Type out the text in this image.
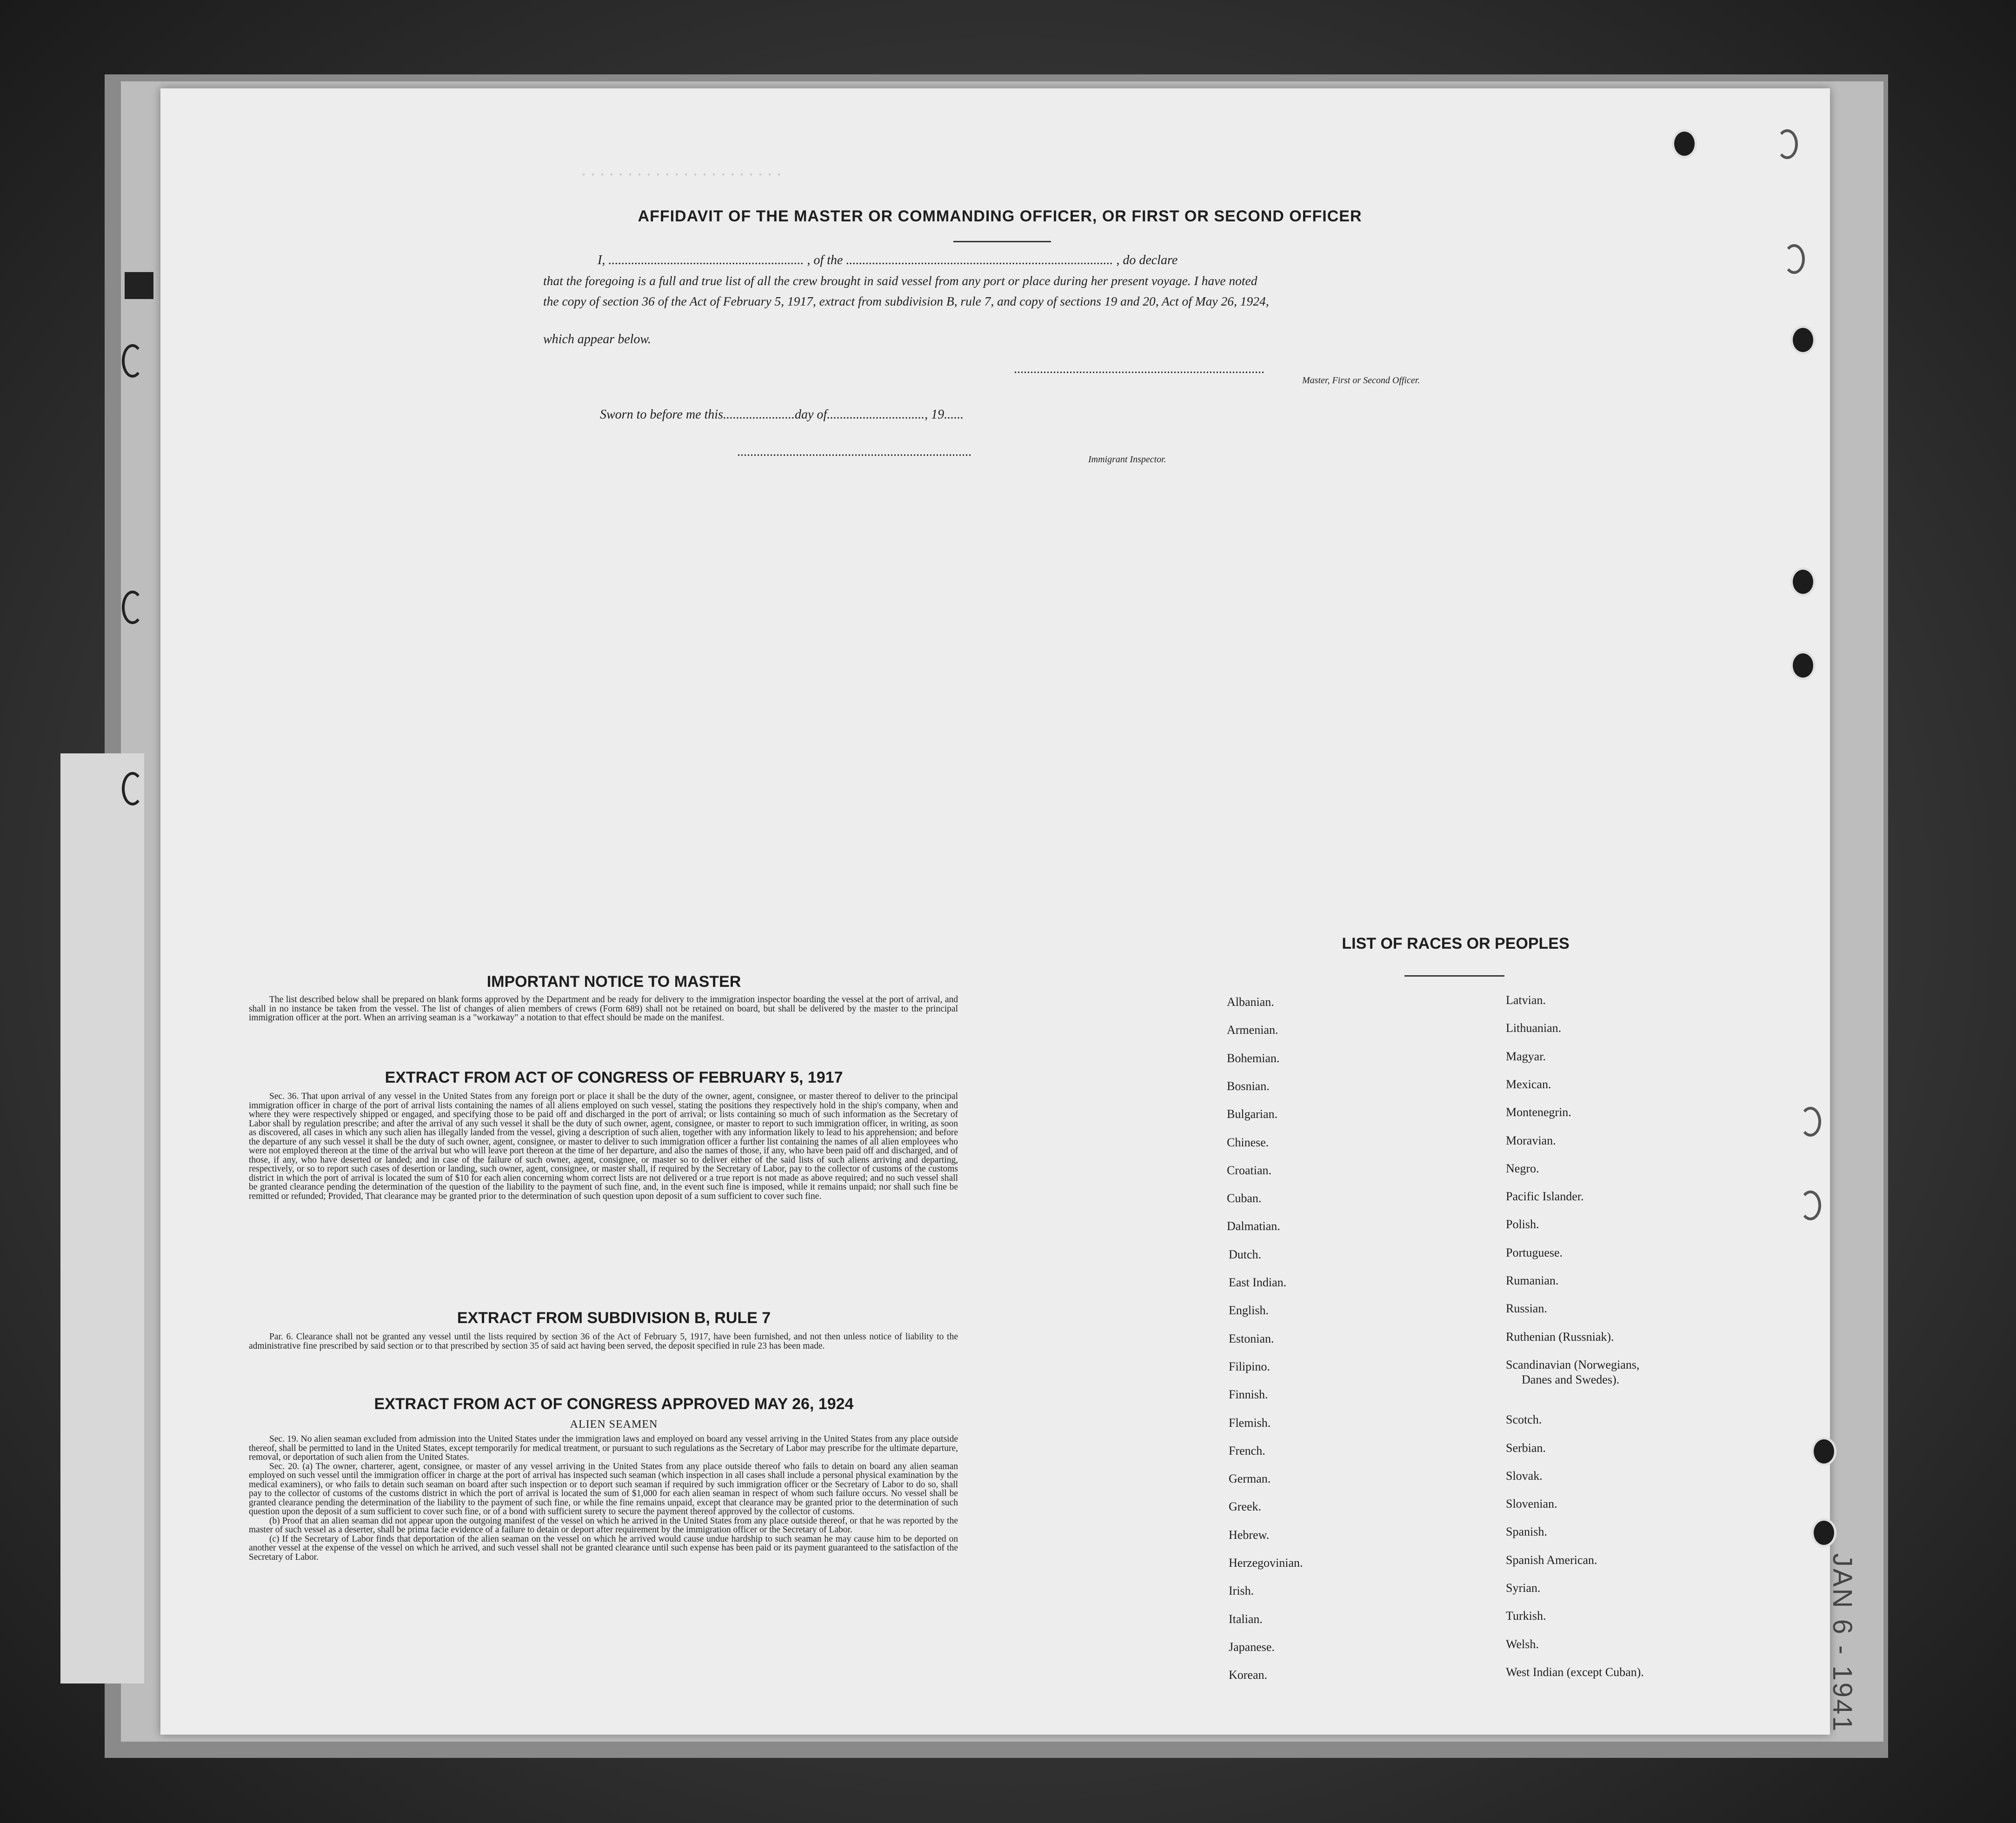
AFFIDAVIT OF THE MASTER OR COMMANDING OFFICER, OR FIRST OR SECOND OFFICER
I, ............................................................ , of the .................................................................................. , do declare
that the foregoing is a full and true list of all the crew brought in said vessel from any port or place during her present voyage. I have noted
the copy of section 36 of the Act of February 5, 1917, extract from subdivision B, rule 7, and copy of sections 19 and 20, Act of May 26, 1924,
which appear below.
.............................................................................
Master, First or Second Officer.
Sworn to before me this......................day of.............................., 19......
........................................................................
Immigrant Inspector.
. . . . . . . . . . . . . . . . . . . . . .
IMPORTANT NOTICE TO MASTER

The list described below shall be prepared on blank forms approved by the Department and be ready for delivery to the immigration inspector boarding the vessel at the port of arrival, and shall in no instance be taken from the vessel. The list of changes of alien members of crews (Form 689) shall not be retained on board, but shall be delivered by the master to the principal immigration officer at the port. When an arriving seaman is a "workaway" a notation to that effect should be made on the manifest.

EXTRACT FROM ACT OF CONGRESS OF FEBRUARY 5, 1917

Sec. 36. That upon arrival of any vessel in the United States from any foreign port or place it shall be the duty of the owner, agent, consignee, or master thereof to deliver to the principal immigration officer in charge of the port of arrival lists containing the names of all aliens employed on such vessel, stating the positions they respectively hold in the ship's company, when and where they were respectively shipped or engaged, and specifying those to be paid off and discharged in the port of arrival; or lists containing so much of such information as the Secretary of Labor shall by regulation prescribe; and after the arrival of any such vessel it shall be the duty of such owner, agent, consignee, or master to report to such immigration officer, in writing, as soon as discovered, all cases in which any such alien has illegally landed from the vessel, giving a description of such alien, together with any information likely to lead to his apprehension; and before the departure of any such vessel it shall be the duty of such owner, agent, consignee, or master to deliver to such immigration officer a further list containing the names of all alien employees who were not employed thereon at the time of the arrival but who will leave port thereon at the time of her departure, and also the names of those, if any, who have been paid off and discharged, and of those, if any, who have deserted or landed; and in case of the failure of such owner, agent, consignee, or master so to deliver either of the said lists of such aliens arriving and departing, respectively, or so to report such cases of desertion or landing, such owner, agent, consignee, or master shall, if required by the Secretary of Labor, pay to the collector of customs of the customs district in which the port of arrival is located the sum of $10 for each alien concerning whom correct lists are not delivered or a true report is not made as above required; and no such vessel shall be granted clearance pending the determination of the question of the liability to the payment of such fine, and, in the event such fine is imposed, while it remains unpaid; nor shall such fine be remitted or refunded; Provided, That clearance may be granted prior to the determination of such question upon deposit of a sum sufficient to cover such fine.

EXTRACT FROM SUBDIVISION B, RULE 7

Par. 6. Clearance shall not be granted any vessel until the lists required by section 36 of the Act of February 5, 1917, have been furnished, and not then unless notice of liability to the administrative fine prescribed by said section or to that prescribed by section 35 of said act having been served, the deposit specified in rule 23 has been made.

EXTRACT FROM ACT OF CONGRESS APPROVED MAY 26, 1924
ALIEN SEAMEN

Sec. 19. No alien seaman excluded from admission into the United States under the immigration laws and employed on board any vessel arriving in the United States from any place outside thereof, shall be permitted to land in the United States, except temporarily for medical treatment, or pursuant to such regulations as the Secretary of Labor may prescribe for the ultimate departure, removal, or deportation of such alien from the United States.

Sec. 20. (a) The owner, charterer, agent, consignee, or master of any vessel arriving in the United States from any place outside thereof who fails to detain on board any alien seaman employed on such vessel until the immigration officer in charge at the port of arrival has inspected such seaman (which inspection in all cases shall include a personal physical examination by the medical examiners), or who fails to detain such seaman on board after such inspection or to deport such seaman if required by such immigration officer or the Secretary of Labor to do so, shall pay to the collector of customs of the customs district in which the port of arrival is located the sum of $1,000 for each alien seaman in respect of whom such failure occurs. No vessel shall be granted clearance pending the determination of the liability to the payment of such fine, or while the fine remains unpaid, except that clearance may be granted prior to the determination of such question upon the deposit of a sum sufficient to cover such fine, or of a bond with sufficient surety to secure the payment thereof approved by the collector of customs.

(b) Proof that an alien seaman did not appear upon the outgoing manifest of the vessel on which he arrived in the United States from any place outside thereof, or that he was reported by the master of such vessel as a deserter, shall be prima facie evidence of a failure to detain or deport after requirement by the immigration officer or the Secretary of Labor.

(c) If the Secretary of Labor finds that deportation of the alien seaman on the vessel on which he arrived would cause undue hardship to such seaman he may cause him to be deported on another vessel at the expense of the vessel on which he arrived, and such vessel shall not be granted clearance until such expense has been paid or its payment guaranteed to the satisfaction of the Secretary of Labor.

LIST OF RACES OR PEOPLES
Albanian.
Armenian.
Bohemian.
Bosnian.
Bulgarian.
Chinese.
Croatian.
Cuban.
Dalmatian.
Dutch.
East Indian.
English.
Estonian.
Filipino.
Finnish.
Flemish.
French.
German.
Greek.
Hebrew.
Herzegovinian.
Irish.
Italian.
Japanese.
Korean.
Latvian.
Lithuanian.
Magyar.
Mexican.
Montenegrin.
Moravian.
Negro.
Pacific Islander.
Polish.
Portuguese.
Rumanian.
Russian.
Ruthenian (Russniak).
Scandinavian (Norwegians,
Danes and Swedes).
Scotch.
Serbian.
Slovak.
Slovenian.
Spanish.
Spanish American.
Syrian.
Turkish.
Welsh.
West Indian (except Cuban).	JAN 6 - 1941
